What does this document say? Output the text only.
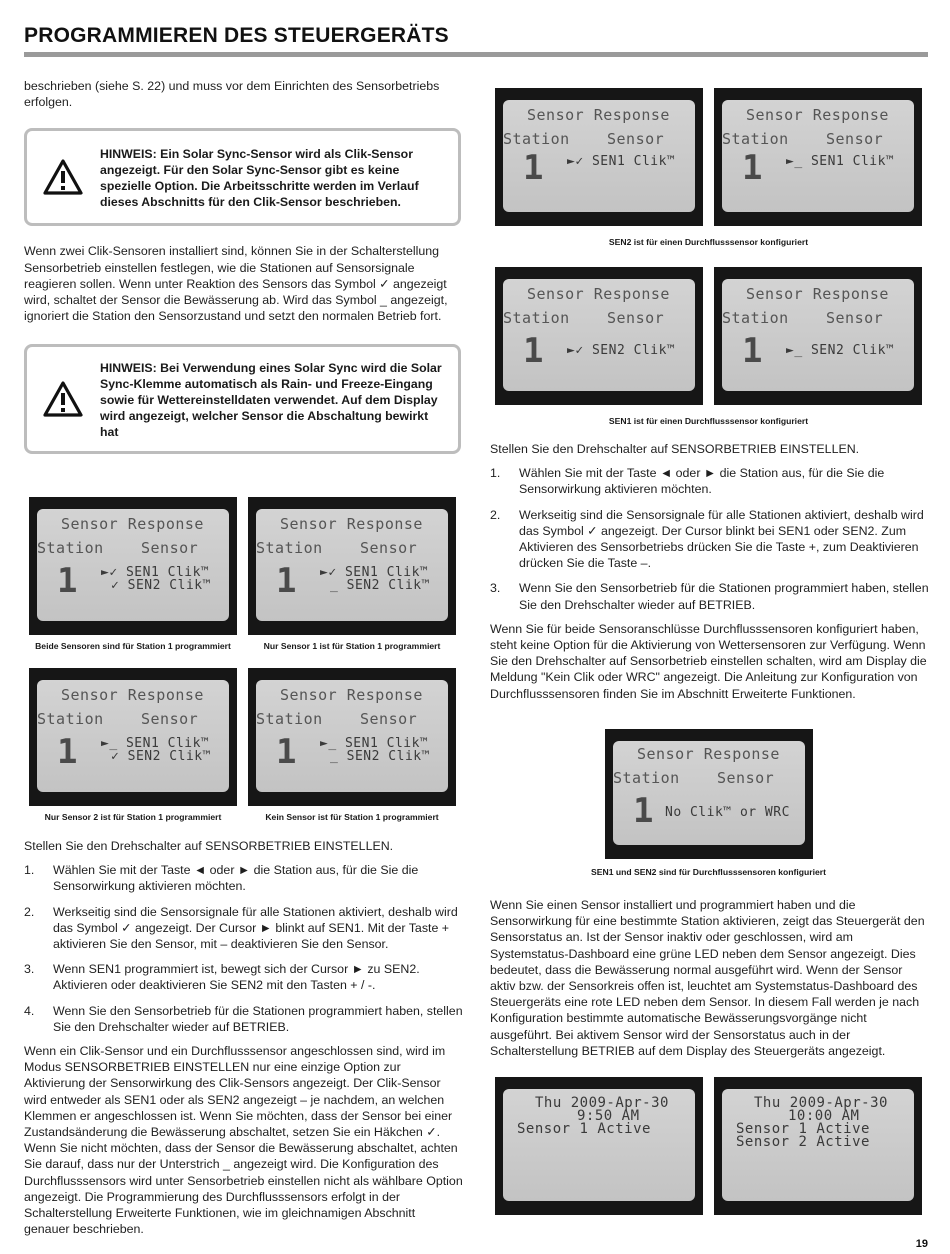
PROGRAMMIEREN DES STEUERGERÄTS

beschrieben (siehe S. 22) und muss vor dem Einrichten des Sensorbetriebs erfolgen.

HINWEIS: Ein Solar Sync-Sensor wird als Clik-Sensor angezeigt. Für den Solar Sync-Sensor gibt es keine spezielle Option. Die Arbeitsschritte werden im Verlauf dieses Abschnitts für den Clik-Sensor beschrieben.

Wenn zwei Clik-Sensoren installiert sind, können Sie in der Schalterstellung Sensorbetrieb einstellen festlegen, wie die Stationen auf Sensorsignale reagieren sollen. Wenn unter Reaktion des Sensors das Symbol ✓ angezeigt wird, schaltet der Sensor die Bewässerung ab. Wird das Symbol _ angezeigt, ignoriert die Station den Sensorzustand und setzt den normalen Betrieb fort.

HINWEIS: Bei Verwendung eines Solar Sync wird die Solar Sync-Klemme automatisch als Rain- und Freeze-Eingang sowie für Wettereinstelldaten verwendet. Auf dem Display wird angezeigt, welcher Sensor die Abschaltung bewirkt hat
Sensor Response
Station Sensor
1 ►✓ SEN1 Clik™
✓ SEN2 Clik™
Beide Sensoren sind für Station 1 programmiert
Sensor Response
Station Sensor
1 ►✓ SEN1 Clik™
_ SEN2 Clik™
Nur Sensor 1 ist für Station 1 programmiert
Sensor Response
Station Sensor
1 ►_ SEN1 Clik™
✓ SEN2 Clik™
Nur Sensor 2 ist für Station 1 programmiert
Sensor Response
Station Sensor
1 ►_ SEN1 Clik™
_ SEN2 Clik™
Kein Sensor ist für Station 1 programmiert

Stellen Sie den Drehschalter auf SENSORBETRIEB EINSTELLEN.

1. Wählen Sie mit der Taste ◄ oder ► die Station aus, für die Sie die Sensorwirkung aktivieren möchten.
2. Werkseitig sind die Sensorsignale für alle Stationen aktiviert, deshalb wird das Symbol ✓ angezeigt. Der Cursor ► blinkt auf SEN1. Mit der Taste + aktivieren Sie den Sensor, mit – deaktivieren Sie den Sensor.
3. Wenn SEN1 programmiert ist, bewegt sich der Cursor ► zu SEN2. Aktivieren oder deaktivieren Sie SEN2 mit den Tasten + / -.
4. Wenn Sie den Sensorbetrieb für die Stationen programmiert haben, stellen Sie den Drehschalter wieder auf BETRIEB.

Wenn ein Clik-Sensor und ein Durchflusssensor angeschlossen sind, wird im Modus SENSORBETRIEB EINSTELLEN nur eine einzige Option zur Aktivierung der Sensorwirkung des Clik-Sensors angezeigt. Der Clik-Sensor wird entweder als SEN1 oder als SEN2 angezeigt – je nachdem, an welchen Klemmen er angeschlossen ist. Wenn Sie möchten, dass der Sensor bei einer Zustandsänderung die Bewässerung abschaltet, setzen Sie ein Häkchen ✓. Wenn Sie nicht möchten, dass der Sensor die Bewässerung abschaltet, achten Sie darauf, dass nur der Unterstrich _ angezeigt wird. Die Konfiguration des Durchflusssensors wird unter Sensorbetrieb einstellen nicht als wählbare Option angezeigt. Die Programmierung des Durchflusssensors erfolgt in der Schalterstellung Erweiterte Funktionen, wie im gleichnamigen Abschnitt genauer beschrieben.

Sensor Response
Station Sensor
1 ►✓ SEN1 Clik™
Sensor Response
Station Sensor
1 ►_ SEN1 Clik™
SEN2 ist für einen Durchflusssensor konfiguriert
Sensor Response
Station Sensor
1 ►✓ SEN2 Clik™
Sensor Response
Station Sensor
1 ►_ SEN2 Clik™
SEN1 ist für einen Durchflusssensor konfiguriert

Stellen Sie den Drehschalter auf SENSORBETRIEB EINSTELLEN.

1. Wählen Sie mit der Taste ◄ oder ► die Station aus, für die Sie die Sensorwirkung aktivieren möchten.
2. Werkseitig sind die Sensorsignale für alle Stationen aktiviert, deshalb wird das Symbol ✓ angezeigt. Der Cursor blinkt bei SEN1 oder SEN2. Zum Aktivieren des Sensorbetriebs drücken Sie die Taste +, zum Deaktivieren drücken Sie die Taste –.
3. Wenn Sie den Sensorbetrieb für die Stationen programmiert haben, stellen Sie den Drehschalter wieder auf BETRIEB.

Wenn Sie für beide Sensoranschlüsse Durchflusssensoren konfiguriert haben, steht keine Option für die Aktivierung von Wettersensoren zur Verfügung. Wenn Sie den Drehschalter auf Sensorbetrieb einstellen schalten, wird am Display die Meldung "Kein Clik oder WRC" angezeigt. Die Anleitung zur Konfiguration von Durchflusssensoren finden Sie im Abschnitt Erweiterte Funktionen.

Sensor Response
Station Sensor
1 No Clik™ or WRC
SEN1 und SEN2 sind für Durchflusssensoren konfiguriert

Wenn Sie einen Sensor installiert und programmiert haben und die Sensorwirkung für eine bestimmte Station aktivieren, zeigt das Steuergerät den Sensorstatus an. Ist der Sensor inaktiv oder geschlossen, wird am Systemstatus-Dashboard eine grüne LED neben dem Sensor angezeigt. Dies bedeutet, dass die Bewässerung normal ausgeführt wird. Wenn der Sensor aktiv bzw. der Sensorkreis offen ist, leuchtet am Systemstatus-Dashboard des Steuergeräts eine rote LED neben dem Sensor. In diesem Fall werden je nach Konfiguration bestimmte automatische Bewässerungsvorgänge nicht ausgeführt. Bei aktivem Sensor wird der Sensorstatus auch in der Schalterstellung BETRIEB auf dem Display des Steuergeräts angezeigt.

Thu 2009-Apr-30
9:50 AM
Sensor 1 Active
Thu 2009-Apr-30
10:00 AM
Sensor 1 Active
Sensor 2 Active
19
